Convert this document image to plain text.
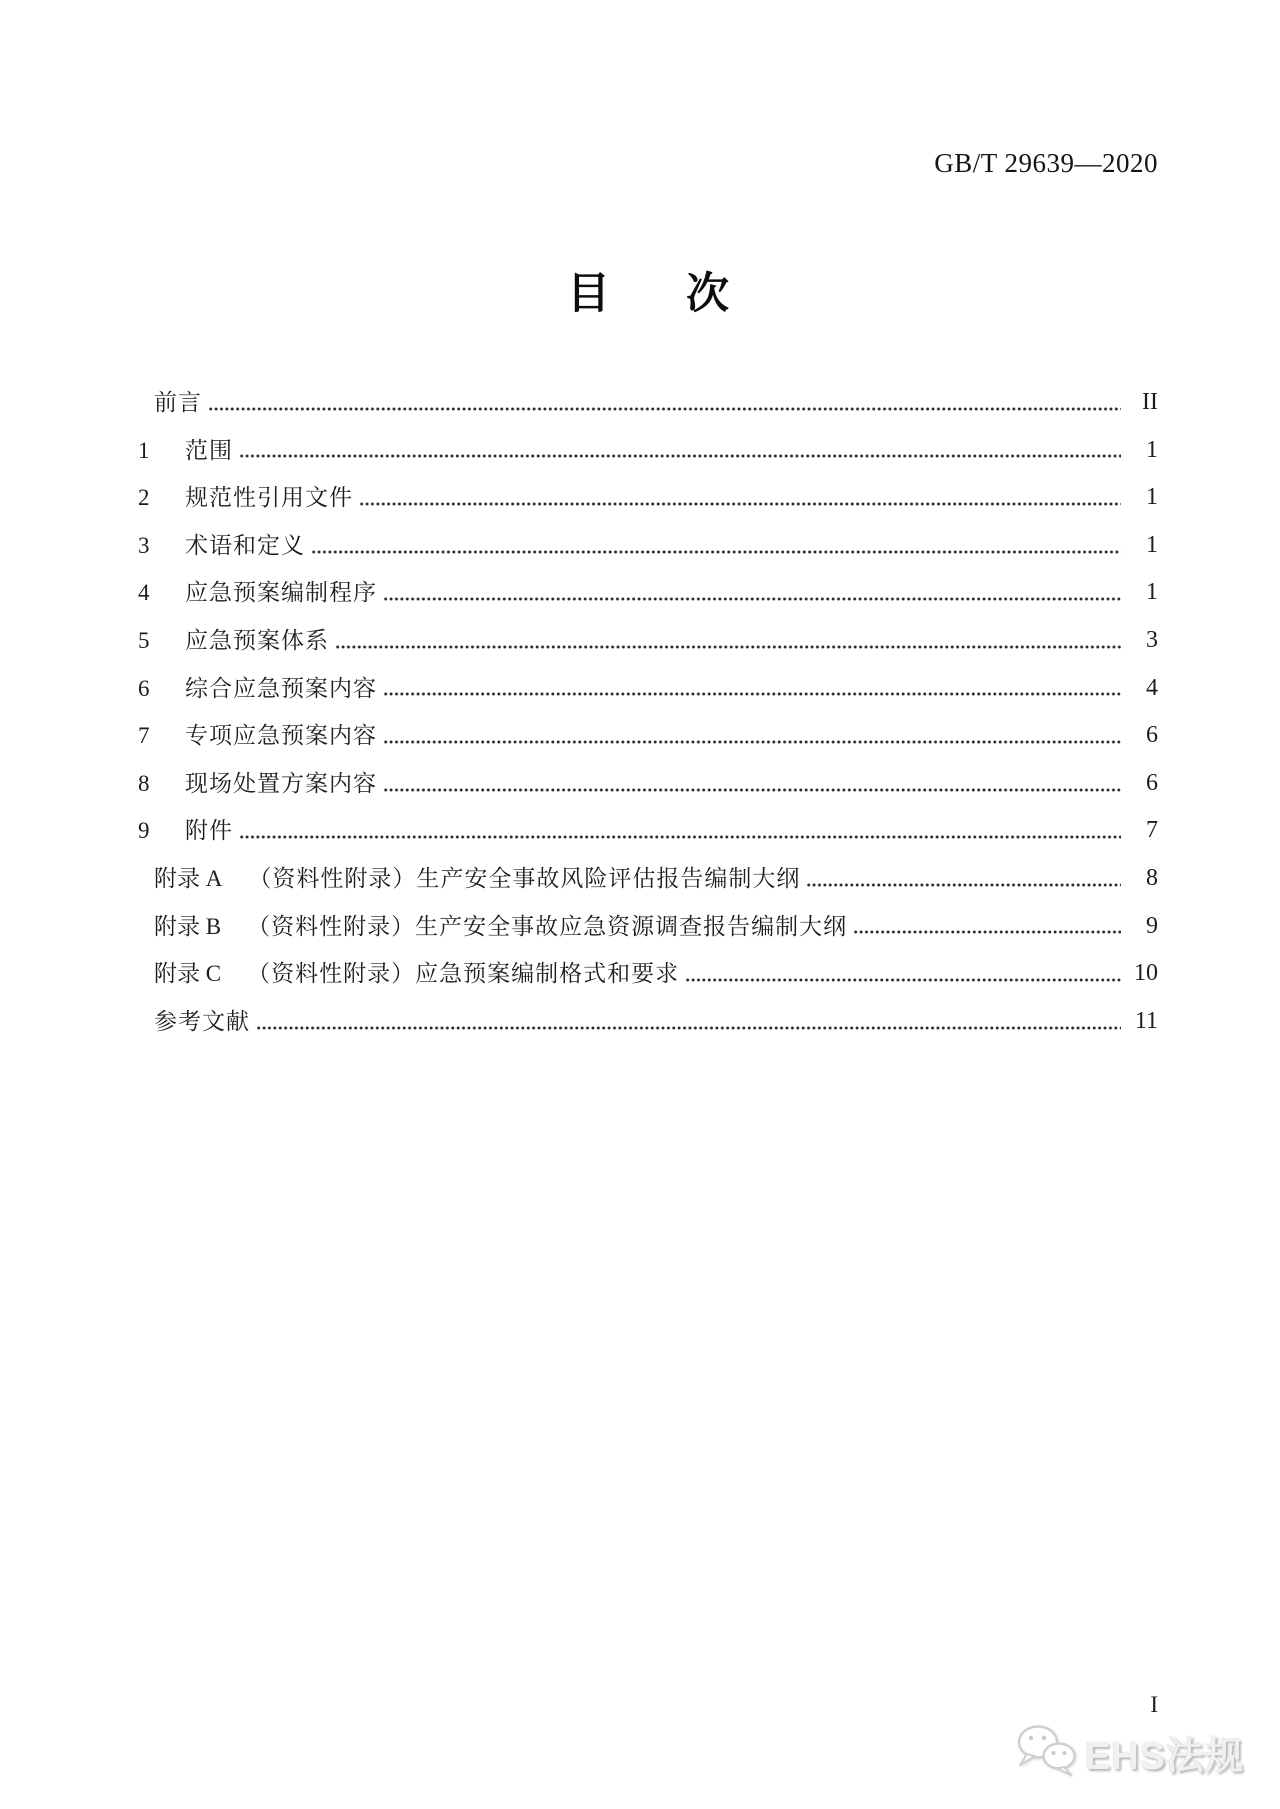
GB/T 29639—2020
目次
前言	II
1	范围	1
2	规范性引用文件	1
3	术语和定义	1
4	应急预案编制程序	1
5	应急预案体系	3
6	综合应急预案内容	4
7	专项应急预案内容	6
8	现场处置方案内容	6
9	附件	7
附录 A （资料性附录）生产安全事故风险评估报告编制大纲	8
附录 B （资料性附录）生产安全事故应急资源调查报告编制大纲	9
附录 C （资料性附录）应急预案编制格式和要求	10
参考文献	11
I
EHS法规
